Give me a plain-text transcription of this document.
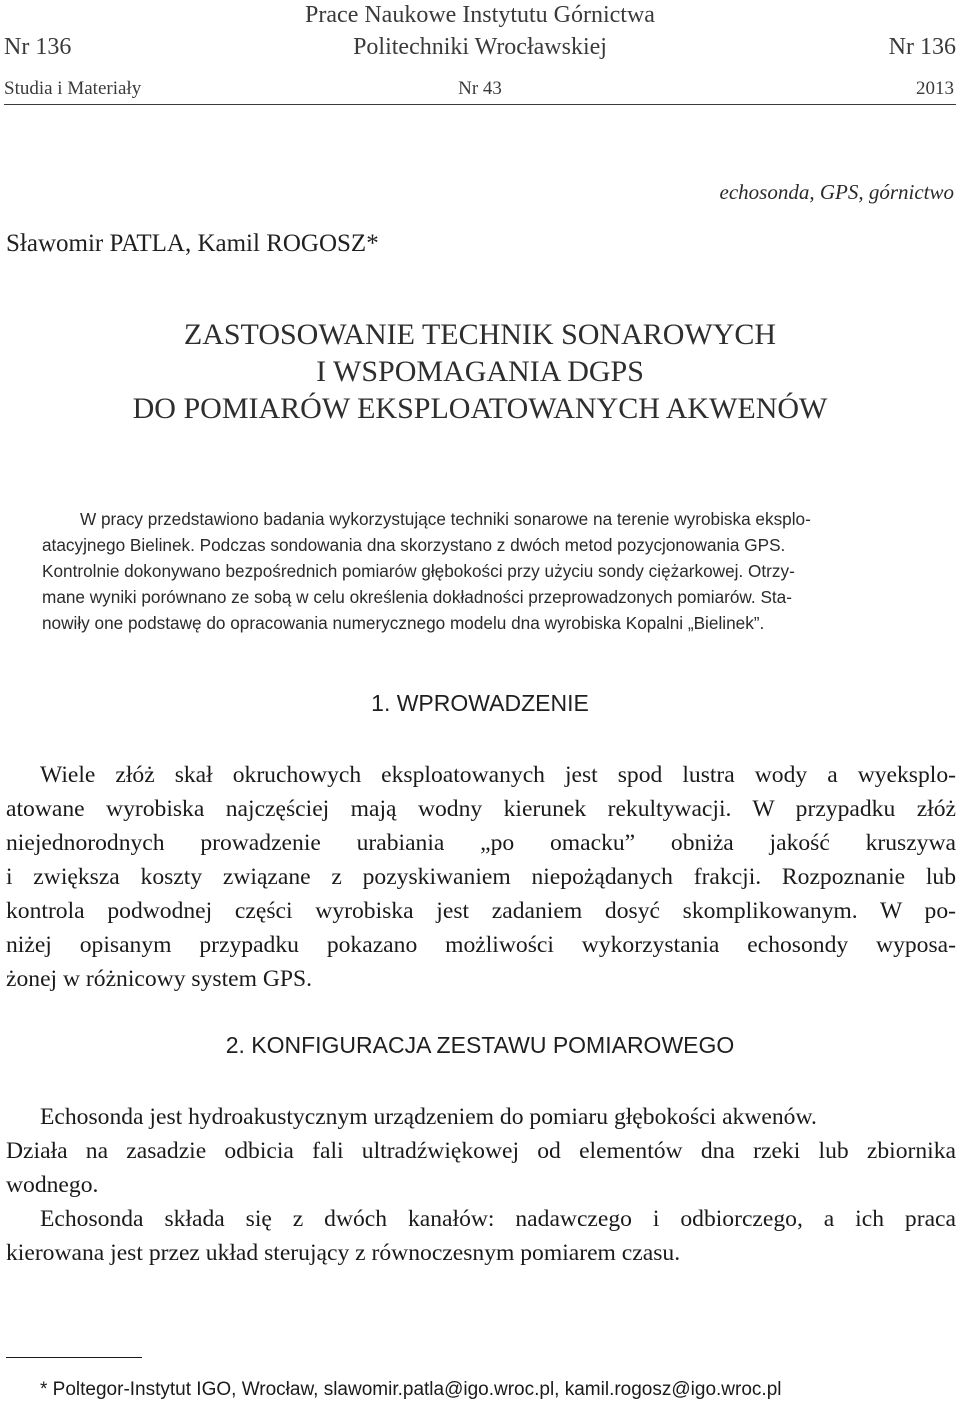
Prace Naukowe Instytutu Górnictwa
Politechniki Wrocławskiej
Nr 136	Nr 136
Nr 43
Studia i Materiały	2013
echosonda, GPS, górnictwo
Sławomir PATLA, Kamil ROGOSZ*
ZASTOSOWANIE TECHNIK SONAROWYCH
I WSPOMAGANIA DGPS
DO POMIARÓW EKSPLOATOWANYCH AKWENÓW
W pracy przedstawiono badania wykorzystujące techniki sonarowe na terenie wyrobiska eksplo-
atacyjnego Bielinek. Podczas sondowania dna skorzystano z dwóch metod pozycjonowania GPS.
Kontrolnie dokonywano bezpośrednich pomiarów głębokości przy użyciu sondy ciężarkowej. Otrzy-
mane wyniki porównano ze sobą w celu określenia dokładności przeprowadzonych pomiarów. Sta-
nowiły one podstawę do opracowania numerycznego modelu dna wyrobiska Kopalni „Bielinek”.
1. WPROWADZENIE
Wiele złóż skał okruchowych eksploatowanych jest spod lustra wody a wyeksplo-
atowane wyrobiska najczęściej mają wodny kierunek rekultywacji. W przypadku złóż
niejednorodnych prowadzenie urabiania „po omacku” obniża jakość kruszywa
i zwiększa koszty związane z pozyskiwaniem niepożądanych frakcji. Rozpoznanie lub
kontrola podwodnej części wyrobiska jest zadaniem dosyć skomplikowanym. W po-
niżej opisanym przypadku pokazano możliwości wykorzystania echosondy wyposa-
żonej w różnicowy system GPS.
2. KONFIGURACJA ZESTAWU POMIAROWEGO
Echosonda jest hydroakustycznym urządzeniem do pomiaru głębokości akwenów.
Działa na zasadzie odbicia fali ultradźwiękowej od elementów dna rzeki lub zbiornika
wodnego.
Echosonda składa się z dwóch kanałów: nadawczego i odbiorczego, a ich praca
kierowana jest przez układ sterujący z równoczesnym pomiarem czasu.
* Poltegor-Instytut IGO, Wrocław, slawomir.patla@igo.wroc.pl, kamil.rogosz@igo.wroc.pl
